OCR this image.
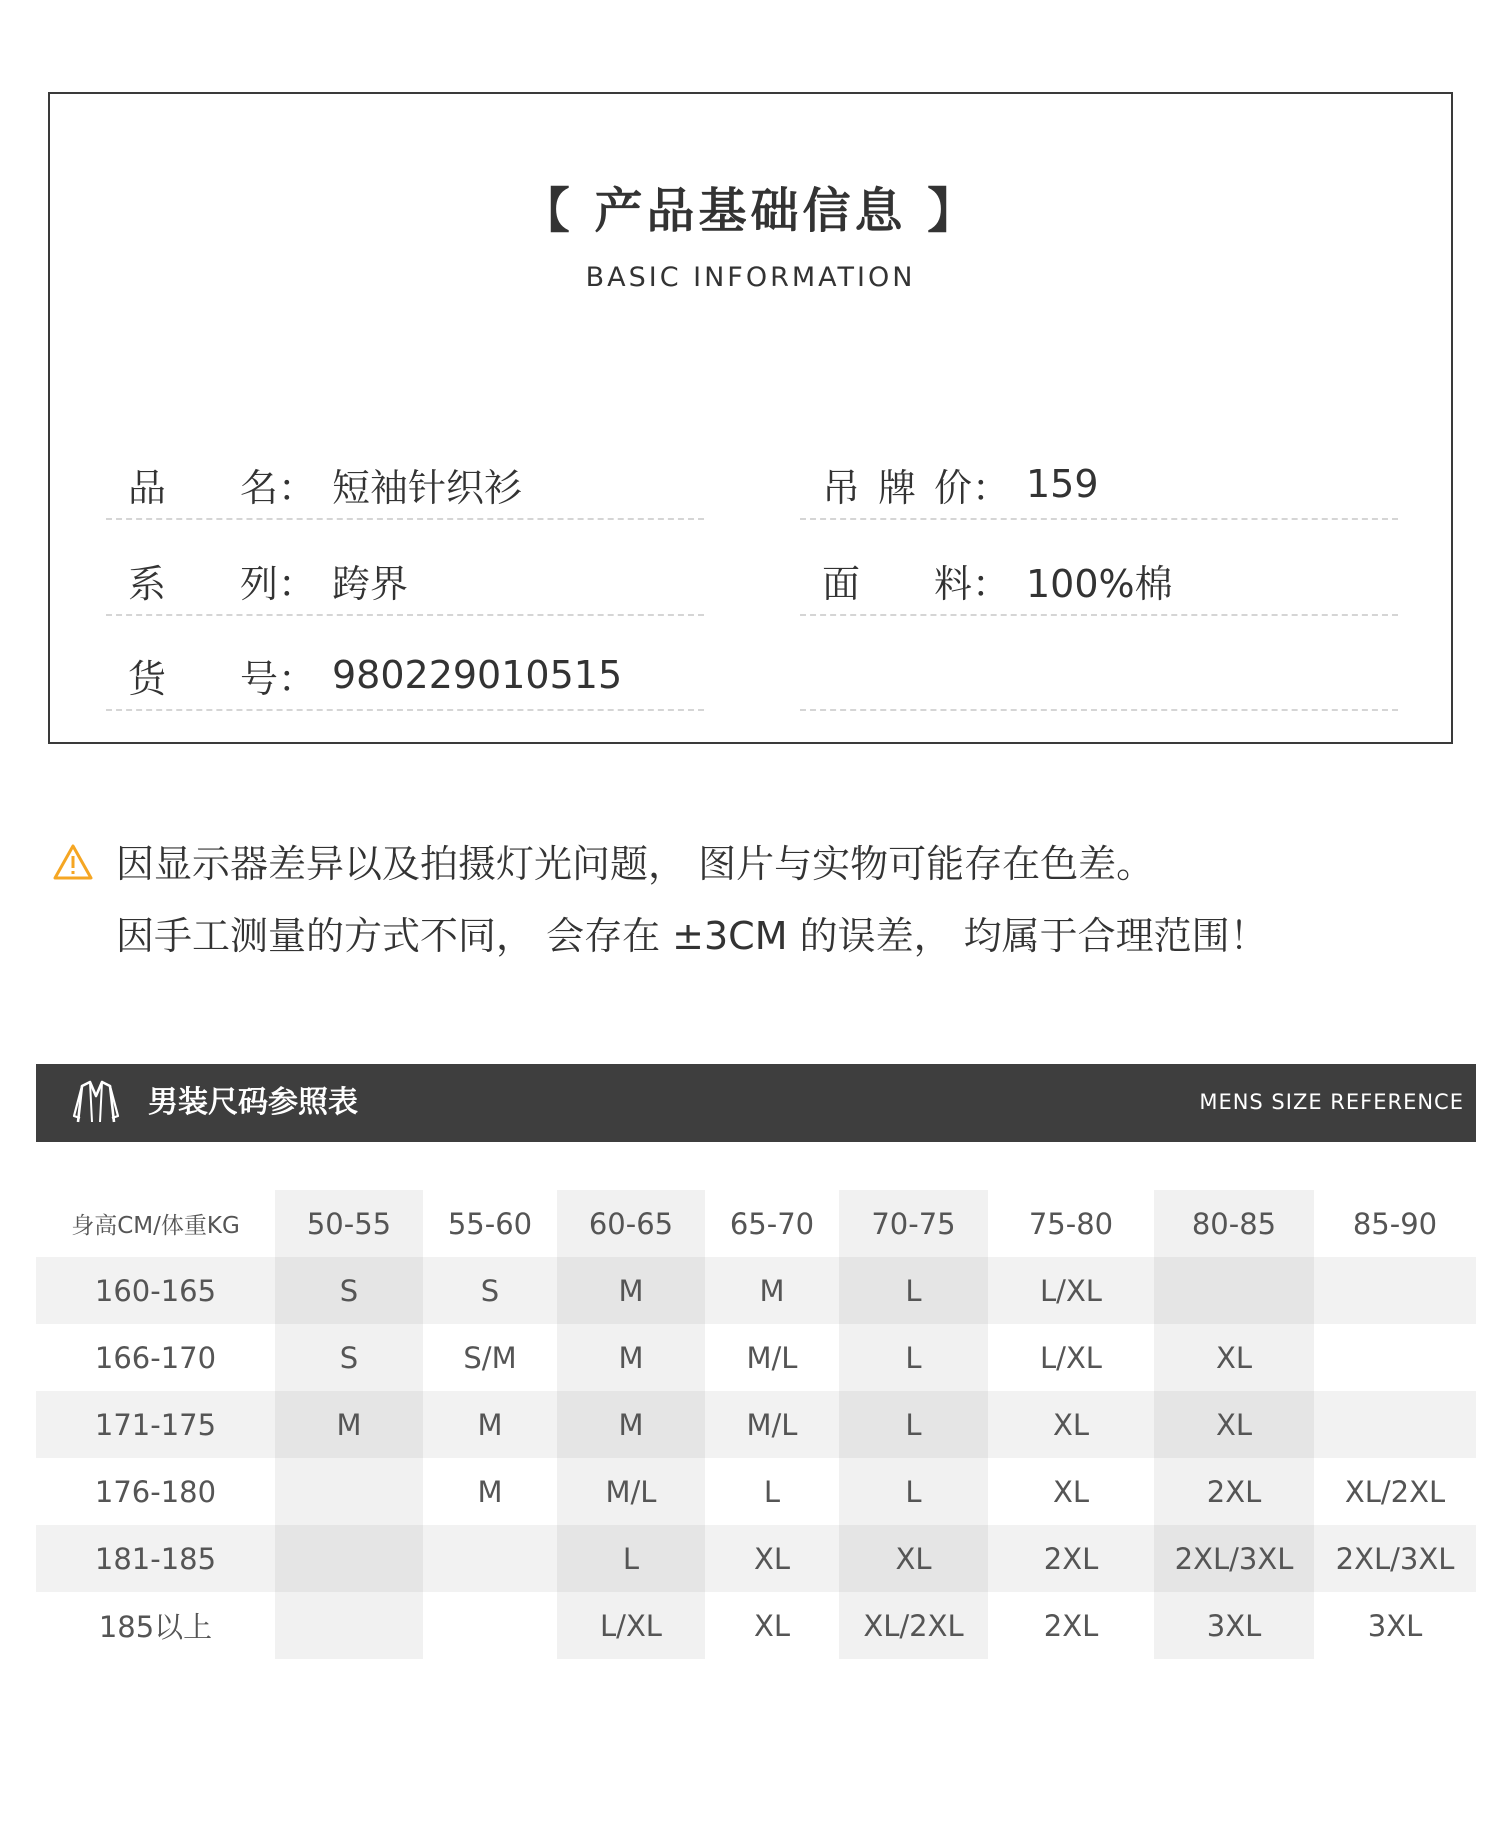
【 产品基础信息 】
BASIC INFORMATION
品 名： 短袖针织衫	吊 牌 价： 159
系 列： 跨界	面 料： 100%棉
货 号： 980229010515
因显示器差异以及拍摄灯光问题， 图片与实物可能存在色差。
因手工测量的方式不同， 会存在 ±3CM 的误差， 均属于合理范围！
男装尺码参照表	MENS SIZE REFERENCE
身高CM/体重KG	50-55	55-60	60-65	65-70	70-75	75-80	80-85	85-90
160-165	S	S	M	M	L	L/XL		
166-170	S	S/M	M	M/L	L	L/XL	XL	
171-175	M	M	M	M/L	L	XL	XL	
176-180		M	M/L	L	L	XL	2XL	XL/2XL
181-185			L	XL	XL	2XL	2XL/3XL	2XL/3XL
185以上			L/XL	XL	XL/2XL	2XL	3XL	3XL
